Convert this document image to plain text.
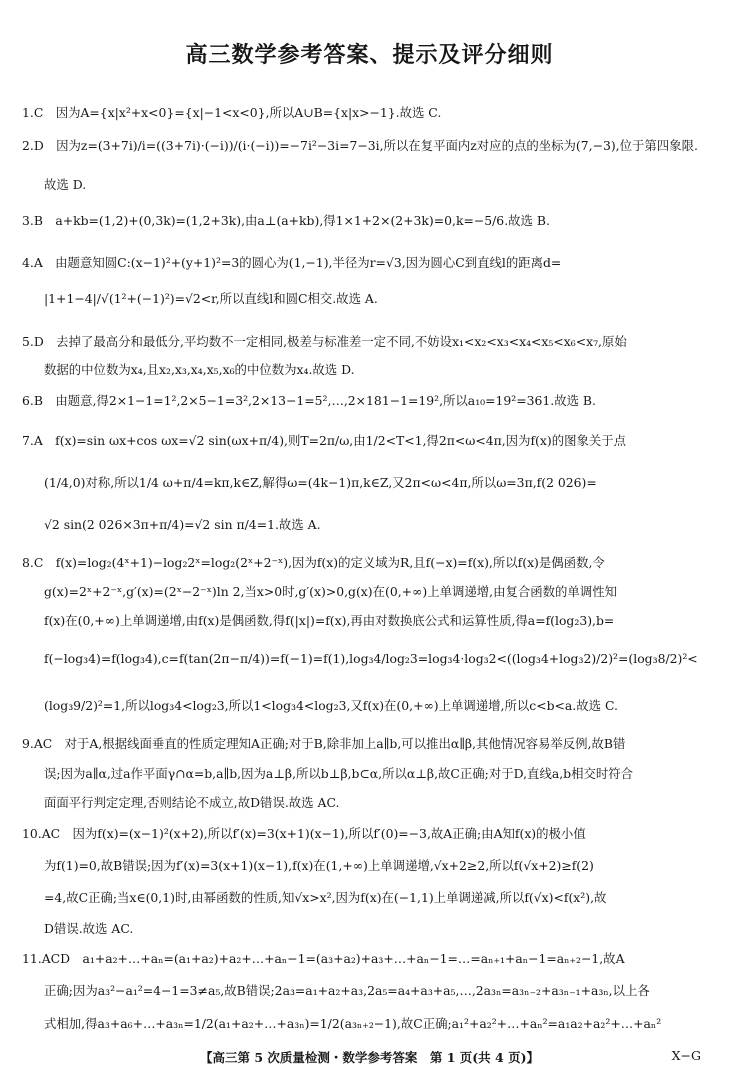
高三数学参考答案、提示及评分细则
1.C　因为A={x|x²+x<0}={x|−1<x<0},所以A∪B={x|x>−1}.故选 C.
2.D　因为z=(3+7i)/i=((3+7i)·(−i))/(i·(−i))=−7i²−3i=7−3i,所以在复平面内z对应的点的坐标为(7,−3),位于第四象限.
故选 D.
3.B　a+kb=(1,2)+(0,3k)=(1,2+3k),由a⊥(a+kb),得1×1+2×(2+3k)=0,k=−5/6.故选 B.
4.A　由题意知圆C:(x−1)²+(y+1)²=3的圆心为(1,−1),半径为r=√3,因为圆心C到直线l的距离d=
|1+1−4|/√(1²+(−1)²)=√2<r,所以直线l和圆C相交.故选 A.
5.D　去掉了最高分和最低分,平均数不一定相同,极差与标准差一定不同,不妨设x₁<x₂<x₃<x₄<x₅<x₆<x₇,原始
数据的中位数为x₄,且x₂,x₃,x₄,x₅,x₆的中位数为x₄.故选 D.
6.B　由题意,得2×1−1=1²,2×5−1=3²,2×13−1=5²,…,2×181−1=19²,所以a₁₀=19²=361.故选 B.
7.A　f(x)=sin ωx+cos ωx=√2 sin(ωx+π/4),则T=2π/ω,由1/2<T<1,得2π<ω<4π,因为f(x)的图象关于点
(1/4,0)对称,所以1/4 ω+π/4=kπ,k∈Z,解得ω=(4k−1)π,k∈Z,又2π<ω<4π,所以ω=3π,f(2 026)=
√2 sin(2 026×3π+π/4)=√2 sin π/4=1.故选 A.
8.C　f(x)=log₂(4ˣ+1)−log₂2ˣ=log₂(2ˣ+2⁻ˣ),因为f(x)的定义域为R,且f(−x)=f(x),所以f(x)是偶函数,令
g(x)=2ˣ+2⁻ˣ,g′(x)=(2ˣ−2⁻ˣ)ln 2,当x>0时,g′(x)>0,g(x)在(0,+∞)上单调递增,由复合函数的单调性知
f(x)在(0,+∞)上单调递增,由f(x)是偶函数,得f(|x|)=f(x),再由对数换底公式和运算性质,得a=f(log₂3),b=
f(−log₃4)=f(log₃4),c=f(tan(2π−π/4))=f(−1)=f(1),log₃4/log₂3=log₃4·log₃2<((log₃4+log₃2)/2)²=(log₃8/2)²<
(log₃9/2)²=1,所以log₃4<log₂3,所以1<log₃4<log₂3,又f(x)在(0,+∞)上单调递增,所以c<b<a.故选 C.
9.AC　对于A,根据线面垂直的性质定理知A正确;对于B,除非加上a∥b,可以推出α∥β,其他情况容易举反例,故B错
误;因为a∥α,过a作平面γ∩α=b,a∥b,因为a⊥β,所以b⊥β,b⊂α,所以α⊥β,故C正确;对于D,直线a,b相交时符合
面面平行判定定理,否则结论不成立,故D错误.故选 AC.
10.AC　因为f(x)=(x−1)²(x+2),所以f′(x)=3(x+1)(x−1),所以f′(0)=−3,故A正确;由A知f(x)的极小值
为f(1)=0,故B错误;因为f′(x)=3(x+1)(x−1),f(x)在(1,+∞)上单调递增,√x+2≥2,所以f(√x+2)≥f(2)
=4,故C正确;当x∈(0,1)时,由幂函数的性质,知√x>x²,因为f(x)在(−1,1)上单调递减,所以f(√x)<f(x²),故
D错误.故选 AC.
11.ACD　a₁+a₂+…+aₙ=(a₁+a₂)+a₂+…+aₙ−1=(a₃+a₂)+a₃+…+aₙ−1=…=aₙ₊₁+aₙ−1=aₙ₊₂−1,故A
正确;因为a₃²−a₁²=4−1=3≠a₅,故B错误;2a₃=a₁+a₂+a₃,2a₅=a₄+a₃+a₅,…,2a₃ₙ=a₃ₙ₋₂+a₃ₙ₋₁+a₃ₙ,以上各
式相加,得a₃+a₆+…+a₃ₙ=1/2(a₁+a₂+…+a₃ₙ)=1/2(a₃ₙ₊₂−1),故C正确;a₁²+a₂²+…+aₙ²=a₁a₂+a₂²+…+aₙ²
【高三第 5 次质量检测・数学参考答案　第 1 页(共 4 页)】	X−G
